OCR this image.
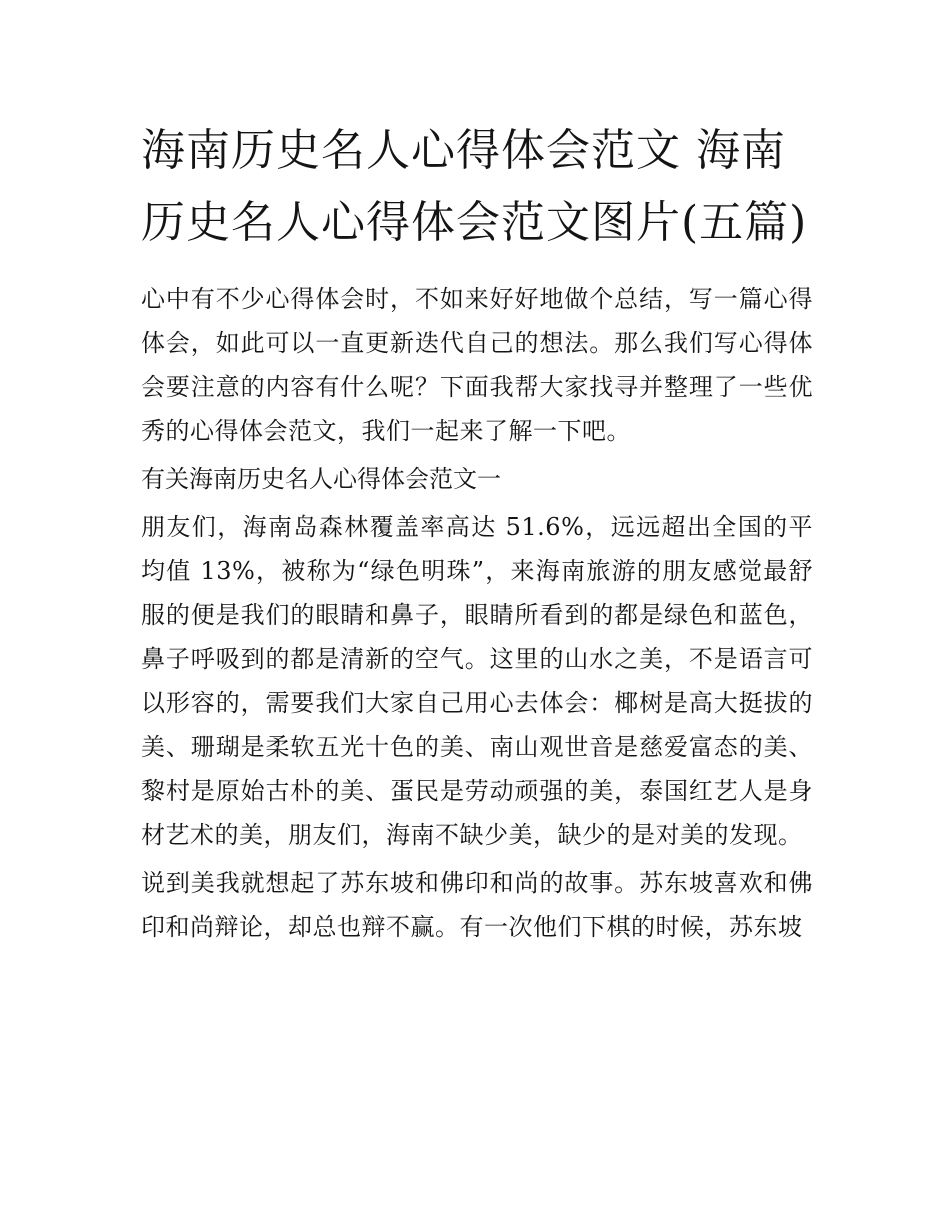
海南历史名人心得体会范文 海南历史名人心得体会范文图片(五篇)

心中有不少心得体会时，不如来好好地做个总结，写一篇心得体会，如此可以一直更新迭代自己的想法。那么我们写心得体会要注意的内容有什么呢？下面我帮大家找寻并整理了一些优秀的心得体会范文，我们一起来了解一下吧。

有关海南历史名人心得体会范文一

朋友们，海南岛森林覆盖率高达 51.6%，远远超出全国的平均值 13%，被称为“绿色明珠”，来海南旅游的朋友感觉最舒服的便是我们的眼睛和鼻子，眼睛所看到的都是绿色和蓝色，鼻子呼吸到的都是清新的空气。这里的山水之美，不是语言可以形容的，需要我们大家自己用心去体会：椰树是高大挺拔的美、珊瑚是柔软五光十色的美、南山观世音是慈爱富态的美、黎村是原始古朴的美、蛋民是劳动顽强的美，泰国红艺人是身材艺术的美，朋友们，海南不缺少美，缺少的是对美的发现。

说到美我就想起了苏东坡和佛印和尚的故事。苏东坡喜欢和佛印和尚辩论，却总也辩不赢。有一次他们下棋的时候，苏东坡
